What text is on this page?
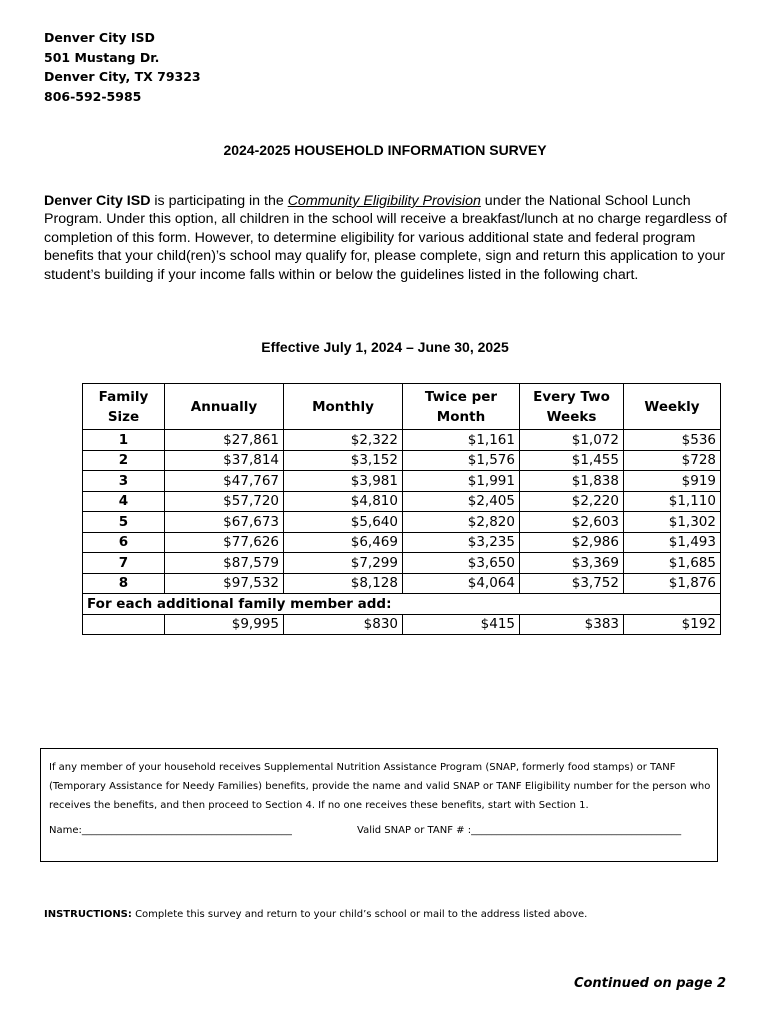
Denver City ISD
501 Mustang Dr.
Denver City, TX 79323
806-592-5985
2024-2025 HOUSEHOLD INFORMATION SURVEY
Denver City ISD is participating in the Community Eligibility Provision under the National School Lunch Program. Under this option, all children in the school will receive a breakfast/lunch at no charge regardless of completion of this form. However, to determine eligibility for various additional state and federal program benefits that your child(ren)’s school may qualify for, please complete, sign and return this application to your student’s building if your income falls within or below the guidelines listed in the following chart.
Effective July 1, 2024 – June 30, 2025
Family Size	Annually	Monthly	Twice per Month	Every Two Weeks	Weekly
1	$27,861	$2,322	$1,161	$1,072	$536
2	$37,814	$3,152	$1,576	$1,455	$728
3	$47,767	$3,981	$1,991	$1,838	$919
4	$57,720	$4,810	$2,405	$2,220	$1,110
5	$67,673	$5,640	$2,820	$2,603	$1,302
6	$77,626	$6,469	$3,235	$2,986	$1,493
7	$87,579	$7,299	$3,650	$3,369	$1,685
8	$97,532	$8,128	$4,064	$3,752	$1,876
For each additional family member add:					
	$9,995	$830	$415	$383	$192
If any member of your household receives Supplemental Nutrition Assistance Program (SNAP, formerly food stamps) or TANF (Temporary Assistance for Needy Families) benefits, provide the name and valid SNAP or TANF Eligibility number for the person who receives the benefits, and then proceed to Section 4. If no one receives these benefits, start with Section 1.
Name:__________________________________________	Valid SNAP or TANF # :__________________________________________
INSTRUCTIONS: Complete this survey and return to your child’s school or mail to the address listed above.
Continued on page 2
